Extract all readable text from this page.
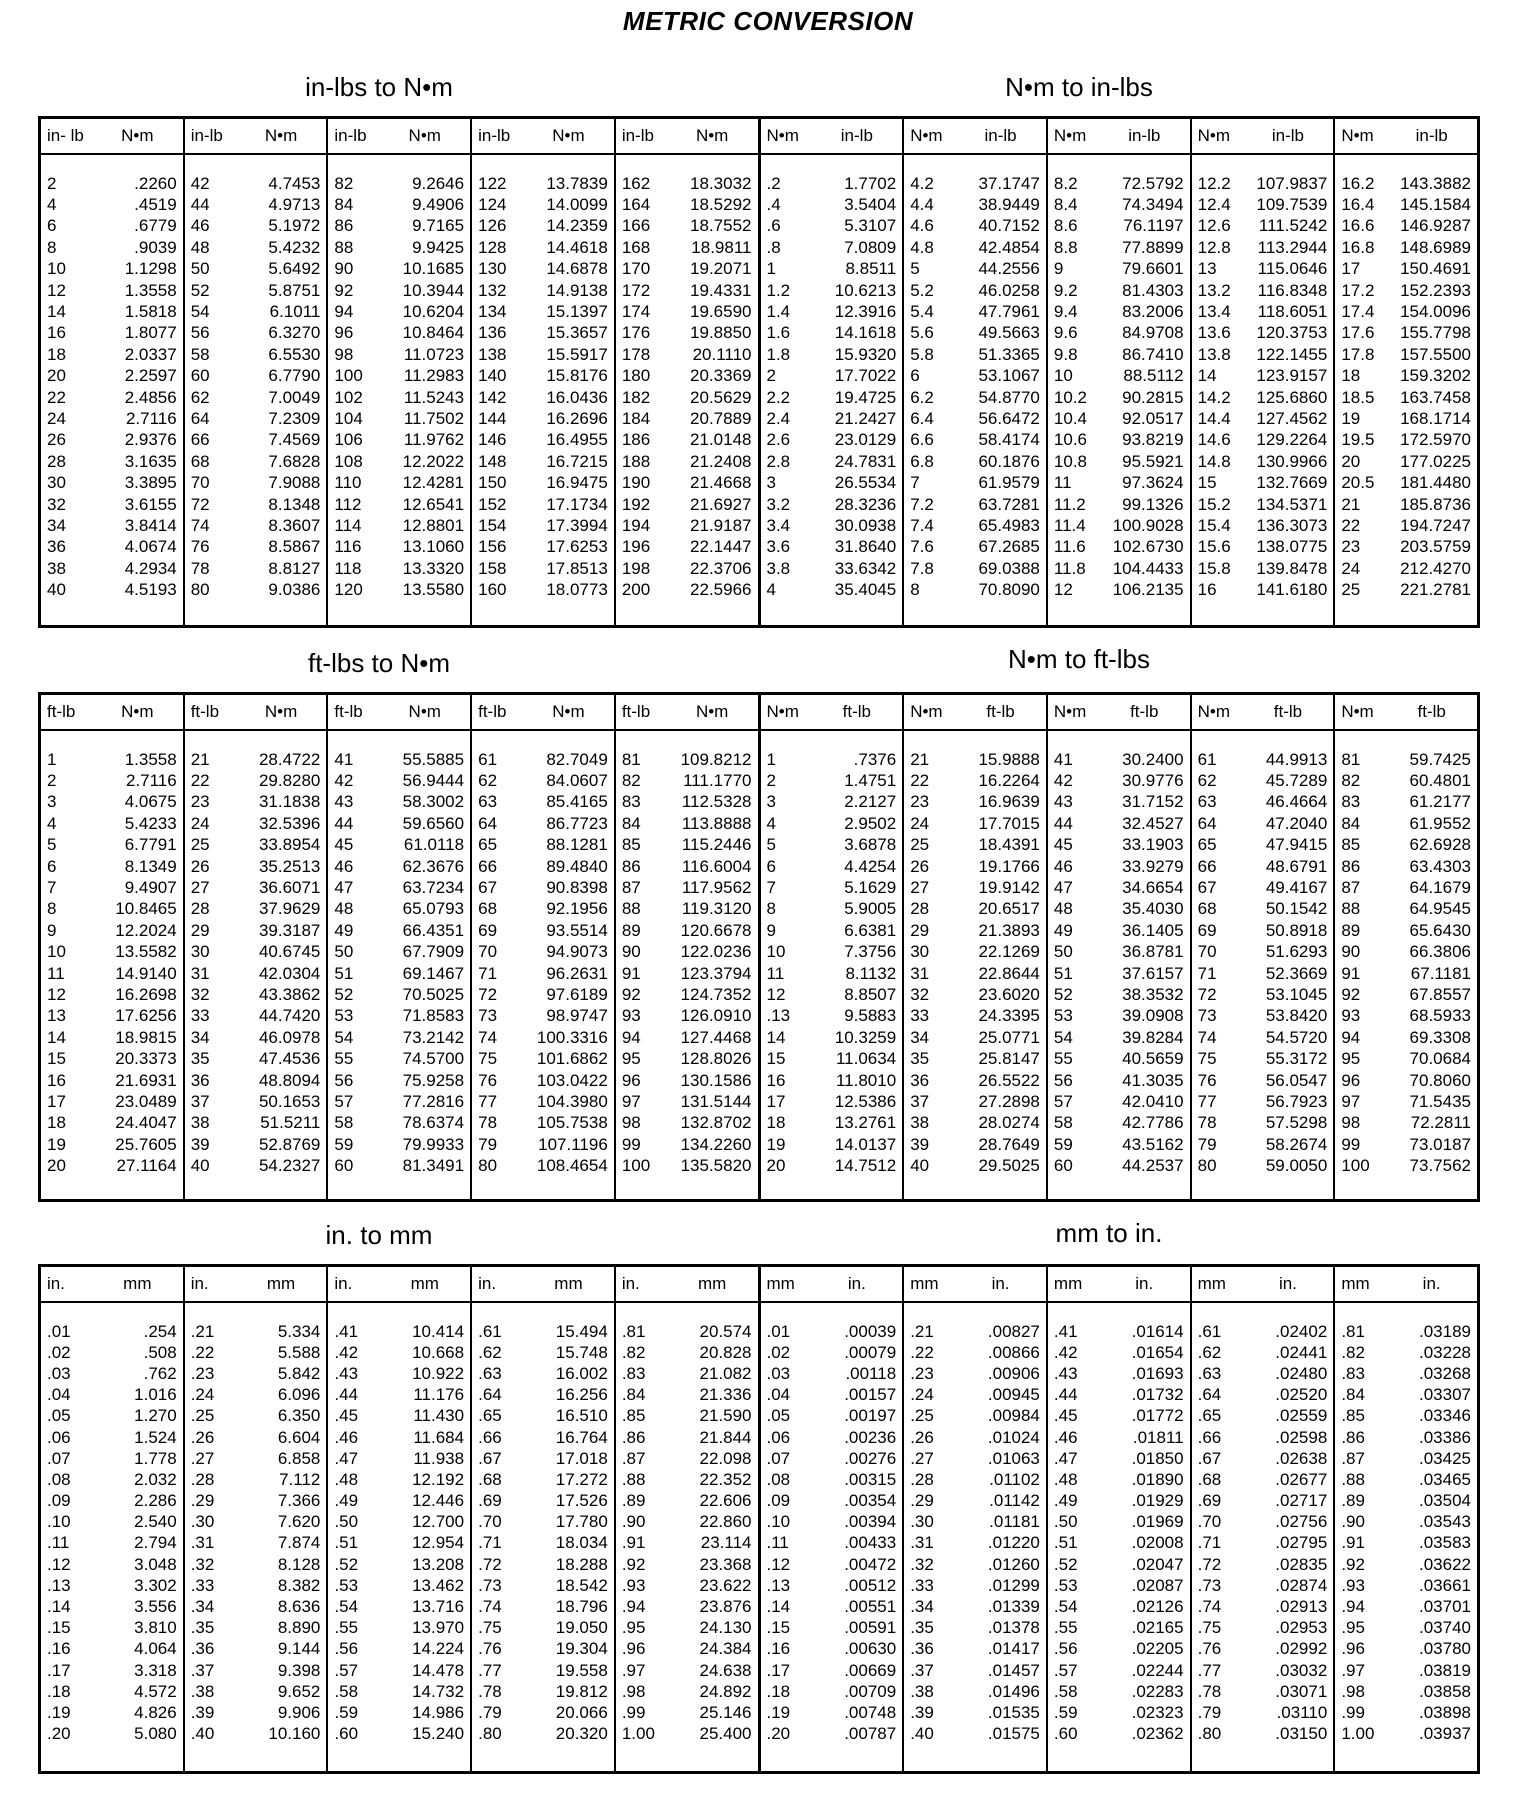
METRIC CONVERSION
in-lbs to N•m	N•m to in-lbs
in- lb	N•m
2	.2260
4	.4519
6	.6779
8	.9039
10	1.1298
12	1.3558
14	1.5818
16	1.8077
18	2.0337
20	2.2597
22	2.4856
24	2.7116
26	2.9376
28	3.1635
30	3.3895
32	3.6155
34	3.8414
36	4.0674
38	4.2934
40	4.5193
in-lb	N•m
42	4.7453
44	4.9713
46	5.1972
48	5.4232
50	5.6492
52	5.8751
54	6.1011
56	6.3270
58	6.5530
60	6.7790
62	7.0049
64	7.2309
66	7.4569
68	7.6828
70	7.9088
72	8.1348
74	8.3607
76	8.5867
78	8.8127
80	9.0386
in-lb	N•m
82	9.2646
84	9.4906
86	9.7165
88	9.9425
90	10.1685
92	10.3944
94	10.6204
96	10.8464
98	11.0723
100	11.2983
102	11.5243
104	11.7502
106	11.9762
108	12.2022
110	12.4281
112	12.6541
114	12.8801
116	13.1060
118	13.3320
120	13.5580
in-lb	N•m
122	13.7839
124	14.0099
126	14.2359
128	14.4618
130	14.6878
132	14.9138
134	15.1397
136	15.3657
138	15.5917
140	15.8176
142	16.0436
144	16.2696
146	16.4955
148	16.7215
150	16.9475
152	17.1734
154	17.3994
156	17.6253
158	17.8513
160	18.0773
in-lb	N•m
162	18.3032
164	18.5292
166	18.7552
168	18.9811
170	19.2071
172	19.4331
174	19.6590
176	19.8850
178	20.1110
180	20.3369
182	20.5629
184	20.7889
186	21.0148
188	21.2408
190	21.4668
192	21.6927
194	21.9187
196	22.1447
198	22.3706
200	22.5966
N•m	in-lb
.2	1.7702
.4	3.5404
.6	5.3107
.8	7.0809
1	8.8511
1.2	10.6213
1.4	12.3916
1.6	14.1618
1.8	15.9320
2	17.7022
2.2	19.4725
2.4	21.2427
2.6	23.0129
2.8	24.7831
3	26.5534
3.2	28.3236
3.4	30.0938
3.6	31.8640
3.8	33.6342
4	35.4045
N•m	in-lb
4.2	37.1747
4.4	38.9449
4.6	40.7152
4.8	42.4854
5	44.2556
5.2	46.0258
5.4	47.7961
5.6	49.5663
5.8	51.3365
6	53.1067
6.2	54.8770
6.4	56.6472
6.6	58.4174
6.8	60.1876
7	61.9579
7.2	63.7281
7.4	65.4983
7.6	67.2685
7.8	69.0388
8	70.8090
N•m	in-lb
8.2	72.5792
8.4	74.3494
8.6	76.1197
8.8	77.8899
9	79.6601
9.2	81.4303
9.4	83.2006
9.6	84.9708
9.8	86.7410
10	88.5112
10.2	90.2815
10.4	92.0517
10.6	93.8219
10.8	95.5921
11	97.3624
11.2	99.1326
11.4	100.9028
11.6	102.6730
11.8	104.4433
12	106.2135
N•m	in-lb
12.2	107.9837
12.4	109.7539
12.6	111.5242
12.8	113.2944
13	115.0646
13.2	116.8348
13.4	118.6051
13.6	120.3753
13.8	122.1455
14	123.9157
14.2	125.6860
14.4	127.4562
14.6	129.2264
14.8	130.9966
15	132.7669
15.2	134.5371
15.4	136.3073
15.6	138.0775
15.8	139.8478
16	141.6180
N•m	in-lb
16.2	143.3882
16.4	145.1584
16.6	146.9287
16.8	148.6989
17	150.4691
17.2	152.2393
17.4	154.0096
17.6	155.7798
17.8	157.5500
18	159.3202
18.5	163.7458
19	168.1714
19.5	172.5970
20	177.0225
20.5	181.4480
21	185.8736
22	194.7247
23	203.5759
24	212.4270
25	221.2781
ft-lbs to N•m	N•m to ft-lbs
ft-lb	N•m
1	1.3558
2	2.7116
3	4.0675
4	5.4233
5	6.7791
6	8.1349
7	9.4907
8	10.8465
9	12.2024
10	13.5582
11	14.9140
12	16.2698
13	17.6256
14	18.9815
15	20.3373
16	21.6931
17	23.0489
18	24.4047
19	25.7605
20	27.1164
ft-lb	N•m
21	28.4722
22	29.8280
23	31.1838
24	32.5396
25	33.8954
26	35.2513
27	36.6071
28	37.9629
29	39.3187
30	40.6745
31	42.0304
32	43.3862
33	44.7420
34	46.0978
35	47.4536
36	48.8094
37	50.1653
38	51.5211
39	52.8769
40	54.2327
ft-lb	N•m
41	55.5885
42	56.9444
43	58.3002
44	59.6560
45	61.0118
46	62.3676
47	63.7234
48	65.0793
49	66.4351
50	67.7909
51	69.1467
52	70.5025
53	71.8583
54	73.2142
55	74.5700
56	75.9258
57	77.2816
58	78.6374
59	79.9933
60	81.3491
ft-lb	N•m
61	82.7049
62	84.0607
63	85.4165
64	86.7723
65	88.1281
66	89.4840
67	90.8398
68	92.1956
69	93.5514
70	94.9073
71	96.2631
72	97.6189
73	98.9747
74	100.3316
75	101.6862
76	103.0422
77	104.3980
78	105.7538
79	107.1196
80	108.4654
ft-lb	N•m
81	109.8212
82	111.1770
83	112.5328
84	113.8888
85	115.2446
86	116.6004
87	117.9562
88	119.3120
89	120.6678
90	122.0236
91	123.3794
92	124.7352
93	126.0910
94	127.4468
95	128.8026
96	130.1586
97	131.5144
98	132.8702
99	134.2260
100	135.5820
N•m	ft-lb
1	.7376
2	1.4751
3	2.2127
4	2.9502
5	3.6878
6	4.4254
7	5.1629
8	5.9005
9	6.6381
10	7.3756
11	8.1132
12	8.8507
.13	9.5883
14	10.3259
15	11.0634
16	11.8010
17	12.5386
18	13.2761
19	14.0137
20	14.7512
N•m	ft-lb
21	15.9888
22	16.2264
23	16.9639
24	17.7015
25	18.4391
26	19.1766
27	19.9142
28	20.6517
29	21.3893
30	22.1269
31	22.8644
32	23.6020
33	24.3395
34	25.0771
35	25.8147
36	26.5522
37	27.2898
38	28.0274
39	28.7649
40	29.5025
N•m	ft-lb
41	30.2400
42	30.9776
43	31.7152
44	32.4527
45	33.1903
46	33.9279
47	34.6654
48	35.4030
49	36.1405
50	36.8781
51	37.6157
52	38.3532
53	39.0908
54	39.8284
55	40.5659
56	41.3035
57	42.0410
58	42.7786
59	43.5162
60	44.2537
N•m	ft-lb
61	44.9913
62	45.7289
63	46.4664
64	47.2040
65	47.9415
66	48.6791
67	49.4167
68	50.1542
69	50.8918
70	51.6293
71	52.3669
72	53.1045
73	53.8420
74	54.5720
75	55.3172
76	56.0547
77	56.7923
78	57.5298
79	58.2674
80	59.0050
N•m	ft-lb
81	59.7425
82	60.4801
83	61.2177
84	61.9552
85	62.6928
86	63.4303
87	64.1679
88	64.9545
89	65.6430
90	66.3806
91	67.1181
92	67.8557
93	68.5933
94	69.3308
95	70.0684
96	70.8060
97	71.5435
98	72.2811
99	73.0187
100	73.7562
in. to mm	mm to in.
in.	mm
.01	.254
.02	.508
.03	.762
.04	1.016
.05	1.270
.06	1.524
.07	1.778
.08	2.032
.09	2.286
.10	2.540
.11	2.794
.12	3.048
.13	3.302
.14	3.556
.15	3.810
.16	4.064
.17	3.318
.18	4.572
.19	4.826
.20	5.080
in.	mm
.21	5.334
.22	5.588
.23	5.842
.24	6.096
.25	6.350
.26	6.604
.27	6.858
.28	7.112
.29	7.366
.30	7.620
.31	7.874
.32	8.128
.33	8.382
.34	8.636
.35	8.890
.36	9.144
.37	9.398
.38	9.652
.39	9.906
.40	10.160
in.	mm
.41	10.414
.42	10.668
.43	10.922
.44	11.176
.45	11.430
.46	11.684
.47	11.938
.48	12.192
.49	12.446
.50	12.700
.51	12.954
.52	13.208
.53	13.462
.54	13.716
.55	13.970
.56	14.224
.57	14.478
.58	14.732
.59	14.986
.60	15.240
in.	mm
.61	15.494
.62	15.748
.63	16.002
.64	16.256
.65	16.510
.66	16.764
.67	17.018
.68	17.272
.69	17.526
.70	17.780
.71	18.034
.72	18.288
.73	18.542
.74	18.796
.75	19.050
.76	19.304
.77	19.558
.78	19.812
.79	20.066
.80	20.320
in.	mm
.81	20.574
.82	20.828
.83	21.082
.84	21.336
.85	21.590
.86	21.844
.87	22.098
.88	22.352
.89	22.606
.90	22.860
.91	23.114
.92	23.368
.93	23.622
.94	23.876
.95	24.130
.96	24.384
.97	24.638
.98	24.892
.99	25.146
1.00	25.400
mm	in.
.01	.00039
.02	.00079
.03	.00118
.04	.00157
.05	.00197
.06	.00236
.07	.00276
.08	.00315
.09	.00354
.10	.00394
.11	.00433
.12	.00472
.13	.00512
.14	.00551
.15	.00591
.16	.00630
.17	.00669
.18	.00709
.19	.00748
.20	.00787
mm	in.
.21	.00827
.22	.00866
.23	.00906
.24	.00945
.25	.00984
.26	.01024
.27	.01063
.28	.01102
.29	.01142
.30	.01181
.31	.01220
.32	.01260
.33	.01299
.34	.01339
.35	.01378
.36	.01417
.37	.01457
.38	.01496
.39	.01535
.40	.01575
mm	in.
.41	.01614
.42	.01654
.43	.01693
.44	.01732
.45	.01772
.46	.01811
.47	.01850
.48	.01890
.49	.01929
.50	.01969
.51	.02008
.52	.02047
.53	.02087
.54	.02126
.55	.02165
.56	.02205
.57	.02244
.58	.02283
.59	.02323
.60	.02362
mm	in.
.61	.02402
.62	.02441
.63	.02480
.64	.02520
.65	.02559
.66	.02598
.67	.02638
.68	.02677
.69	.02717
.70	.02756
.71	.02795
.72	.02835
.73	.02874
.74	.02913
.75	.02953
.76	.02992
.77	.03032
.78	.03071
.79	.03110
.80	.03150
mm	in.
.81	.03189
.82	.03228
.83	.03268
.84	.03307
.85	.03346
.86	.03386
.87	.03425
.88	.03465
.89	.03504
.90	.03543
.91	.03583
.92	.03622
.93	.03661
.94	.03701
.95	.03740
.96	.03780
.97	.03819
.98	.03858
.99	.03898
1.00	.03937
